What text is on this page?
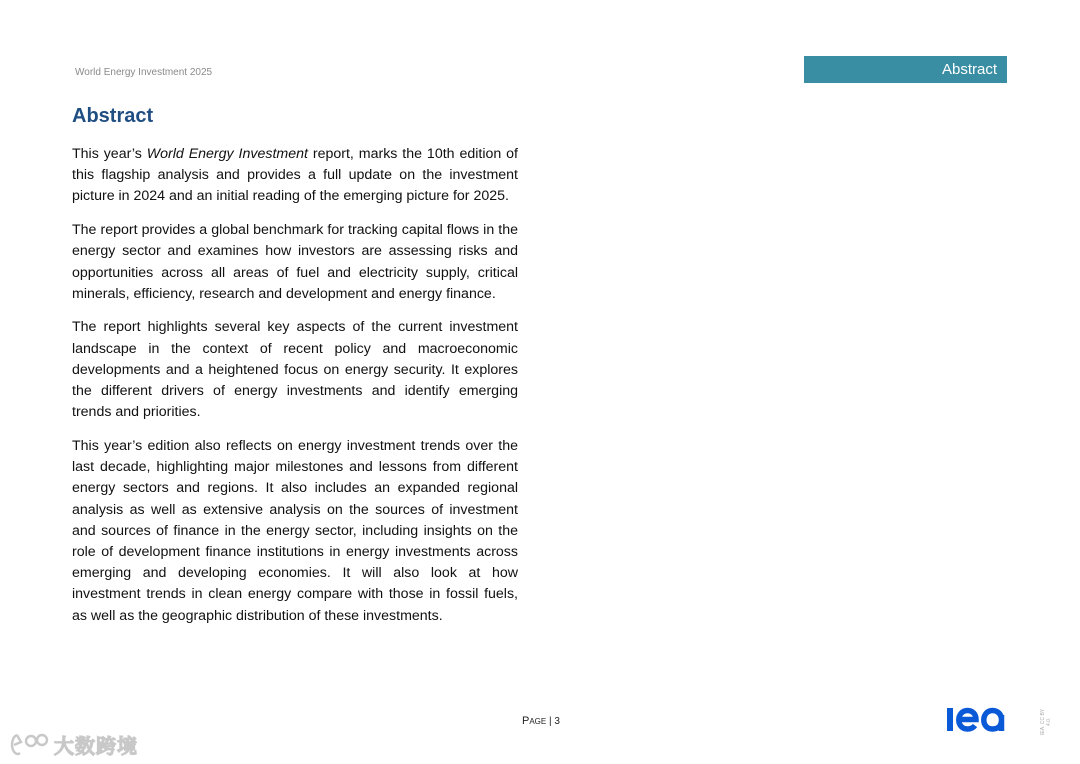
World Energy Investment 2025	Abstract
Abstract

This year’s World Energy Investment report, marks the 10th edition of this flagship analysis and provides a full update on the investment picture in 2024 and an initial reading of the emerging picture for 2025.

The report provides a global benchmark for tracking capital flows in the energy sector and examines how investors are assessing risks and opportunities across all areas of fuel and electricity supply, critical minerals, efficiency, research and development and energy finance.

The report highlights several key aspects of the current investment landscape in the context of recent policy and macroeconomic developments and a heightened focus on energy security. It explores the different drivers of energy investments and identify emerging trends and priorities.

This year’s edition also reflects on energy investment trends over the last decade, highlighting major milestones and lessons from different energy sectors and regions. It also includes an expanded regional analysis as well as extensive analysis on the sources of investment and sources of finance in the energy sector, including insights on the role of development finance institutions in energy investments across emerging and developing economies. It will also look at how investment trends in clean energy compare with those in fossil fuels, as well as the geographic distribution of these investments.

Page | 3	IEA. CC BY 4.0.
大数跨境
